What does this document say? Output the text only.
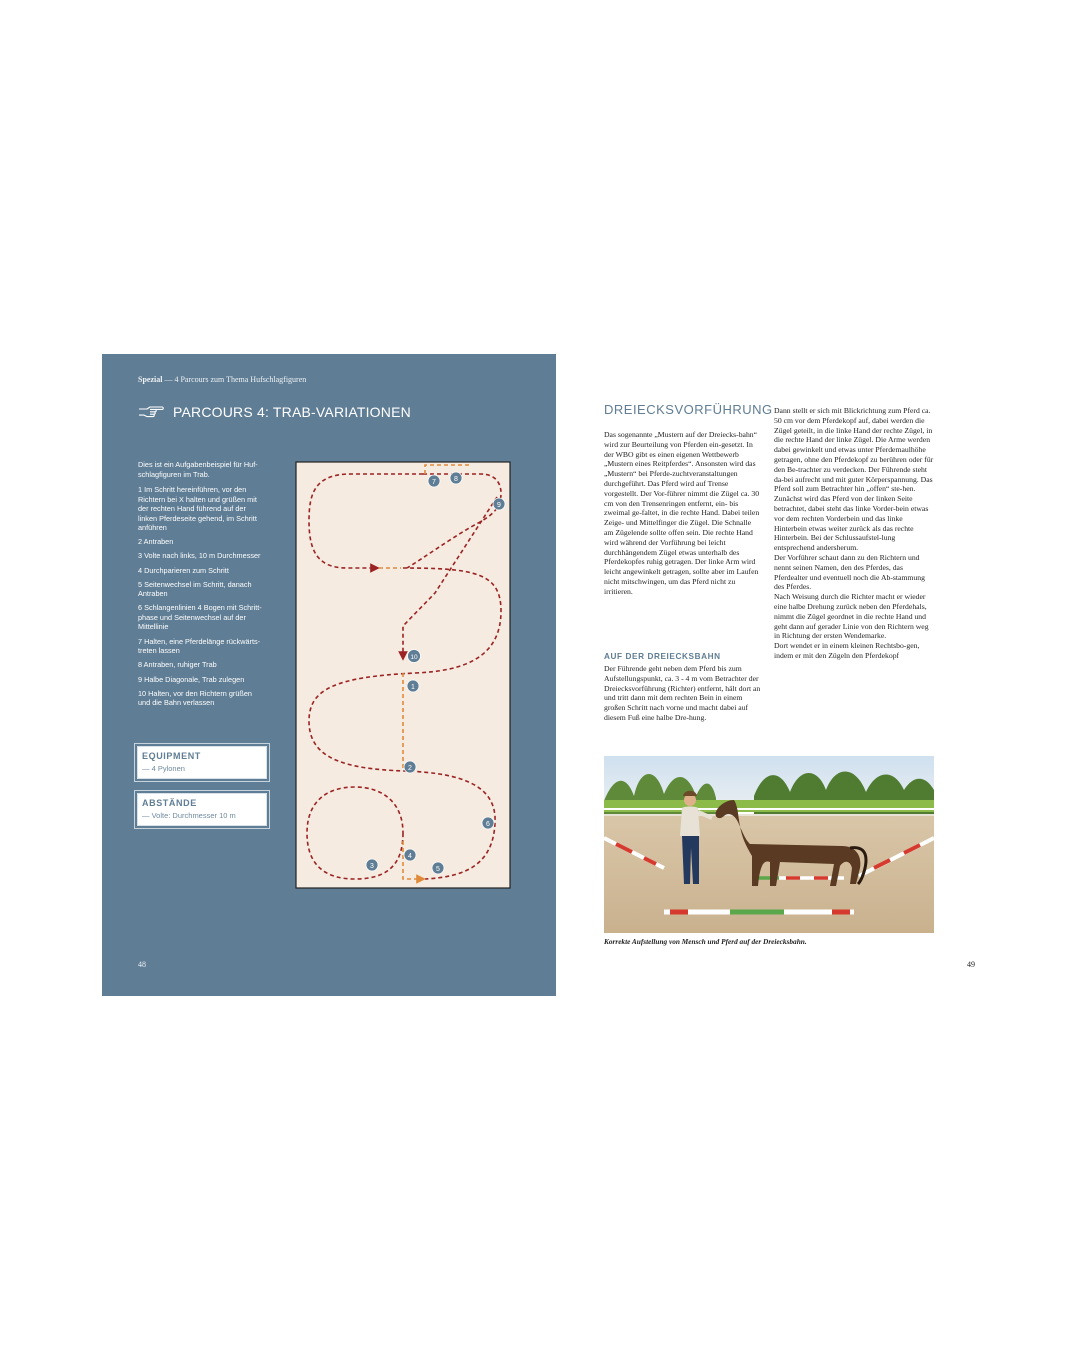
Spezial — 4 Parcours zum Thema Hufschlagfiguren
PARCOURS 4: TRAB-VARIATIONEN
Dies ist ein Aufgabenbeispiel für Huf-schlagfiguren im Trab.
1 Im Schritt hereinführen, vor den Richtern bei X halten und grüßen mit der rechten Hand führend auf der linken Pferdeseite gehend, im Schritt anführen
2 Antraben
3 Volte nach links, 10 m Durchmesser
4 Durchparieren zum Schritt
5 Seitenwechsel im Schritt, danach Antraben
6 Schlangenlinien 4 Bogen mit Schritt-phase und Seitenwechsel auf der Mittellinie
7 Halten, eine Pferdelänge rückwärts-treten lassen
8 Antraben, ruhiger Trab
9 Halbe Diagonale, Trab zulegen
10 Halten, vor den Richtern grüßen und die Bahn verlassen
EQUIPMENT
— 4 Pylonen
ABSTÄNDE
— Volte: Durchmesser 10 m
48
7	8
9
10
1
2
6
4
3	5
DREIECKSVORFÜHRUNG
Das sogenannte „Mustern auf der Dreiecks-bahn“ wird zur Beurteilung von Pferden ein-gesetzt. In der WBO gibt es einen eigenen Wettbewerb „Mustern eines Reitpferdes“. Ansonsten wird das „Mustern“ bei Pferde-zuchtveranstaltungen durchgeführt. Das Pferd wird auf Trense vorgestellt. Der Vor-führer nimmt die Zügel ca. 30 cm von den Trensenringen entfernt, ein- bis zweimal ge-faltet, in die rechte Hand. Dabei teilen Zeige- und Mittelfinger die Zügel. Die Schnalle am Zügelende sollte offen sein. Die rechte Hand wird während der Vorführung bei leicht durchhängendem Zügel etwas unterhalb des Pferdekopfes ruhig getragen. Der linke Arm wird leicht angewinkelt getragen, sollte aber im Laufen nicht mitschwingen, um das Pferd nicht zu irritieren.
AUF DER DREIECKSBAHN
Der Führende geht neben dem Pferd bis zum Aufstellungspunkt, ca. 3 - 4 m vom Betrachter der Dreiecksvorführung (Richter) entfernt, hält dort an und tritt dann mit dem rechten Bein in einem großen Schritt nach vorne und macht dabei auf diesem Fuß eine halbe Dre-hung.
Dann stellt er sich mit Blickrichtung zum Pferd ca. 50 cm vor dem Pferdekopf auf, dabei werden die Zügel geteilt, in die linke Hand der rechte Zügel, in die rechte Hand der linke Zügel. Die Arme werden dabei gewinkelt und etwas unter Pferdemaulhöhe getragen, ohne den Pferdekopf zu berühren oder für den Be-trachter zu verdecken. Der Führende steht da-bei aufrecht und mit guter Körperspannung. Das Pferd soll zum Betrachter hin „offen“ ste-hen. Zunächst wird das Pferd von der linken Seite betrachtet, dabei steht das linke Vorder-bein etwas vor dem rechten Vorderbein und das linke Hinterbein etwas weiter zurück als das rechte Hinterbein. Bei der Schlussaufstel-lung entsprechend andersherum.
Der Vorführer schaut dann zu den Richtern und nennt seinen Namen, den des Pferdes, das Pferdealter und eventuell noch die Ab-stammung des Pferdes.
Nach Weisung durch die Richter macht er wieder eine halbe Drehung zurück neben den Pferdehals, nimmt die Zügel geordnet in die rechte Hand und geht dann auf gerader Linie von den Richtern weg in Richtung der ersten Wendemarke.
Dort wendet er in einem kleinen Rechtsbo-gen, indem er mit den Zügeln den Pferdekopf
Korrekte Aufstellung von Mensch und Pferd auf der Dreiecksbahn.
49
